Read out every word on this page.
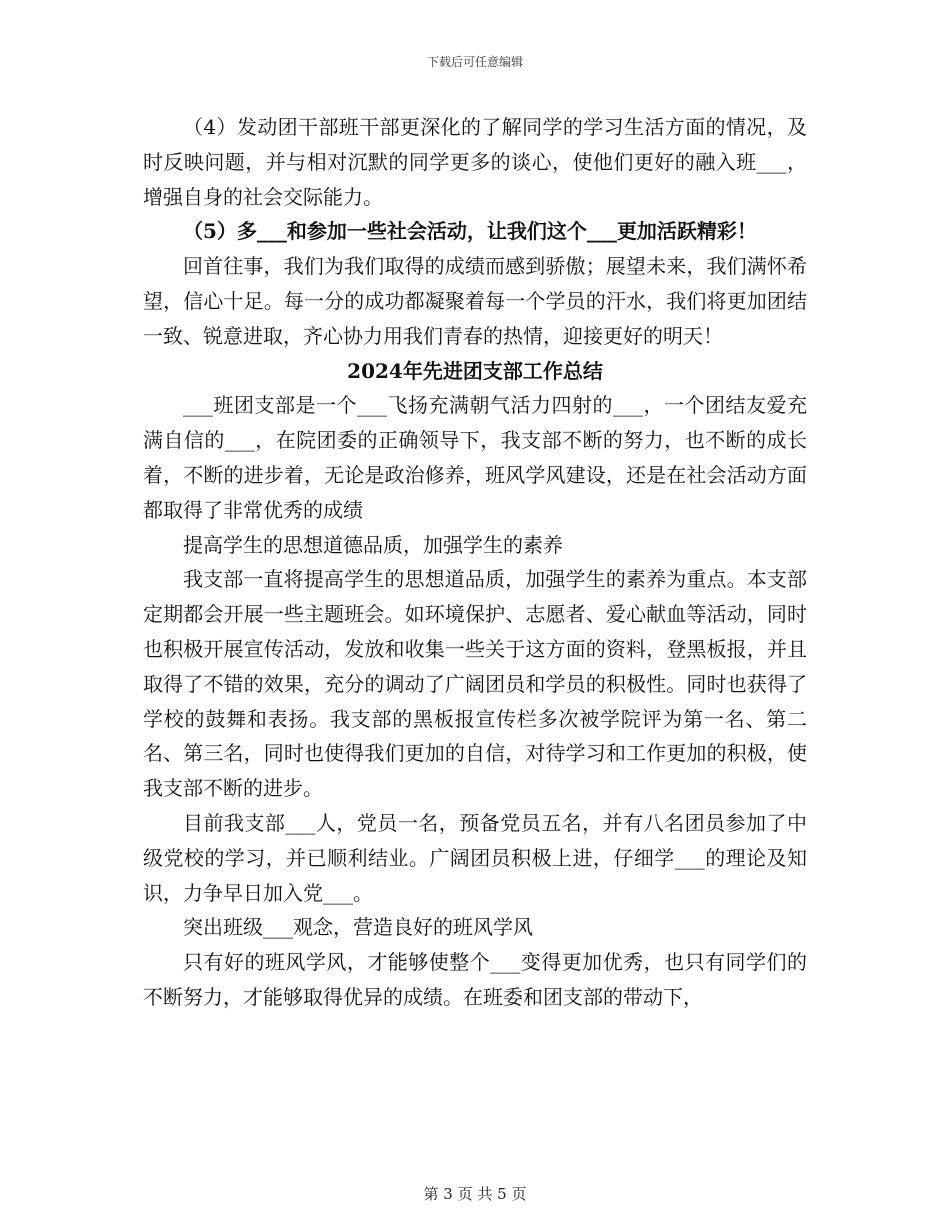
下载后可任意编辑

（4）发动团干部班干部更深化的了解同学的学习生活方面的情况，及时反映问题，并与相对沉默的同学更多的谈心，使他们更好的融入班___，增强自身的社会交际能力。

（5）多___和参加一些社会活动，让我们这个___更加活跃精彩！

回首往事，我们为我们取得的成绩而感到骄傲；展望未来，我们满怀希望，信心十足。每一分的成功都凝聚着每一个学员的汗水，我们将更加团结一致、锐意进取，齐心协力用我们青春的热情，迎接更好的明天！

2024年先进团支部工作总结

___班团支部是一个___飞扬充满朝气活力四射的___，一个团结友爱充满自信的___，在院团委的正确领导下，我支部不断的努力，也不断的成长着，不断的进步着，无论是政治修养，班风学风建设，还是在社会活动方面都取得了非常优秀的成绩

提高学生的思想道德品质，加强学生的素养

我支部一直将提高学生的思想道品质，加强学生的素养为重点。本支部定期都会开展一些主题班会。如环境保护、志愿者、爱心献血等活动，同时也积极开展宣传活动，发放和收集一些关于这方面的资料，登黑板报，并且取得了不错的效果，充分的调动了广阔团员和学员的积极性。同时也获得了学校的鼓舞和表扬。我支部的黑板报宣传栏多次被学院评为第一名、第二名、第三名，同时也使得我们更加的自信，对待学习和工作更加的积极，使我支部不断的进步。

目前我支部___人，党员一名，预备党员五名，并有八名团员参加了中级党校的学习，并已顺利结业。广阔团员积极上进，仔细学___的理论及知识，力争早日加入党___。

突出班级___观念，营造良好的班风学风

只有好的班风学风，才能够使整个___变得更加优秀，也只有同学们的不断努力，才能够取得优异的成绩。在班委和团支部的带动下，

第 3 页 共 5 页
